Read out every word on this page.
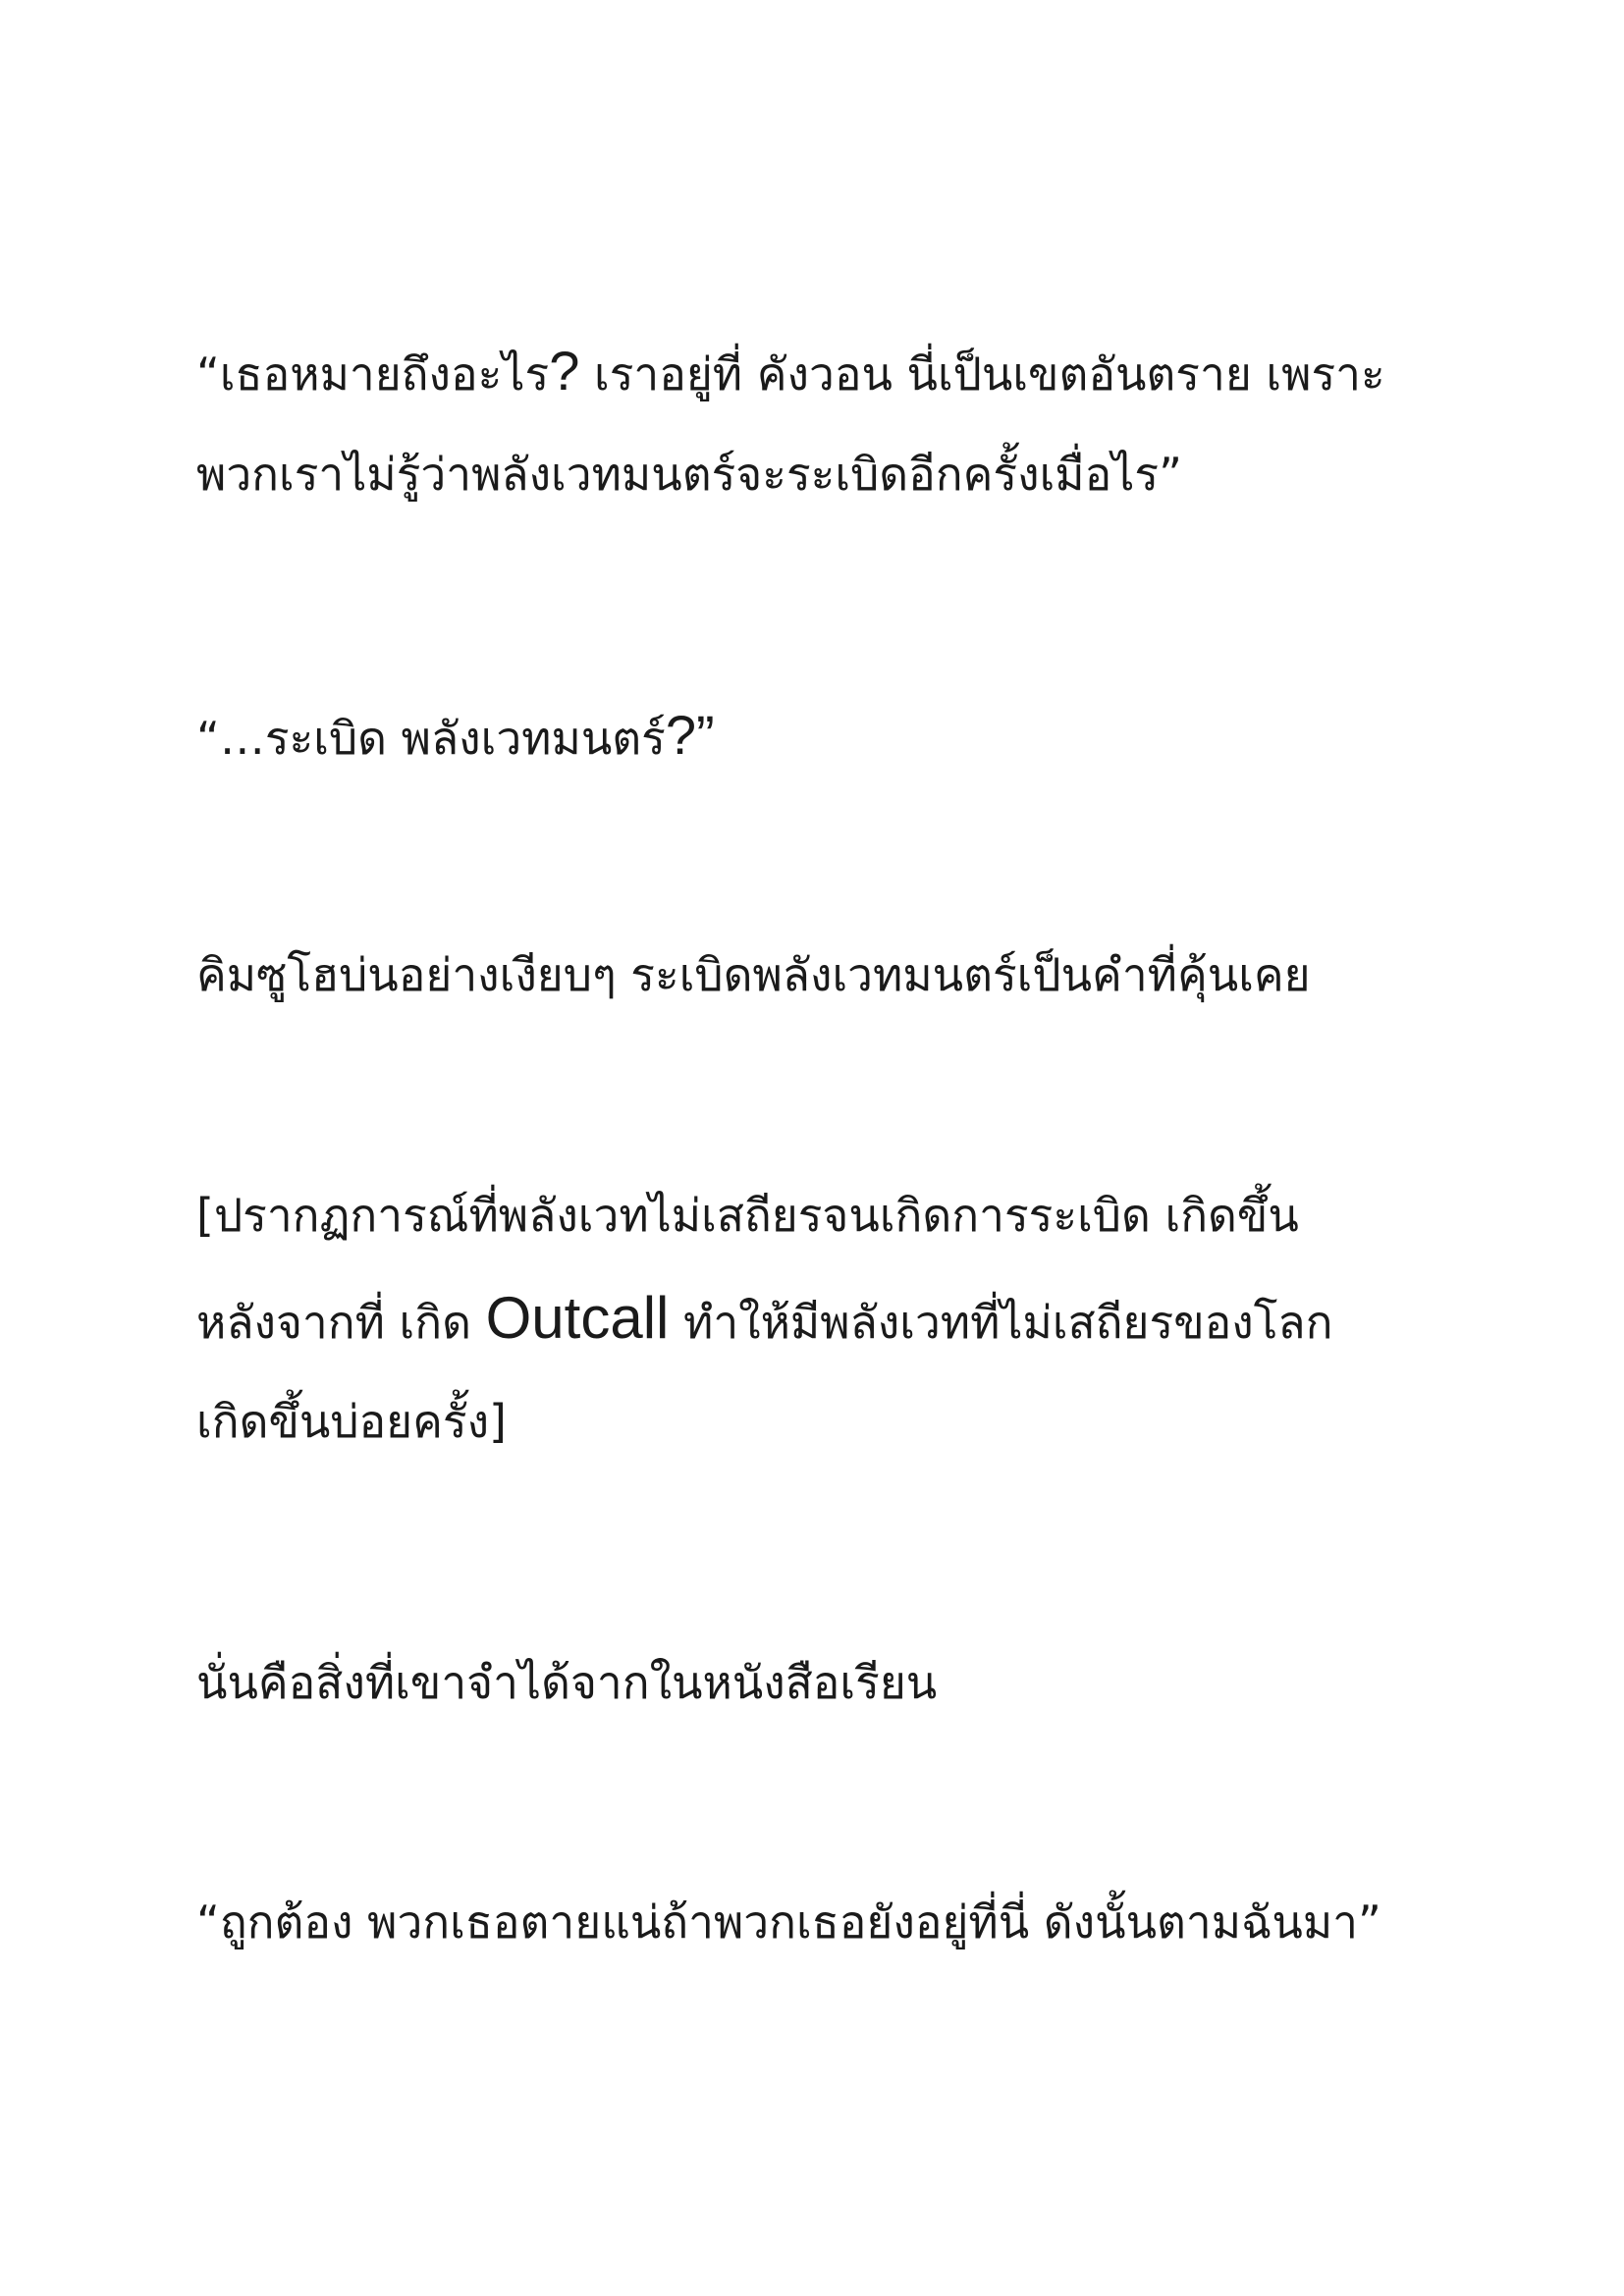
“เธอหมายถึงอะไร? เราอยู่ที่ คังวอน นี่เป็นเขตอันตราย เพราะ
พวกเราไม่รู้ว่าพลังเวทมนตร์จะระเบิดอีกครั้งเมื่อไร”
“…ระเบิด พลังเวทมนตร์?”
คิมซูโฮบ่นอย่างเงียบๆ ระเบิดพลังเวทมนตร์เป็นคำที่คุ้นเคย
[ปรากฏการณ์ที่พลังเวทไม่เสถียรจนเกิดการระเบิด เกิดขึ้น
หลังจากที่ เกิด Outcall ทำให้มีพลังเวทที่ไม่เสถียรของโลก
เกิดขึ้นบ่อยครั้ง]
นั่นคือสิ่งที่เขาจำได้จากในหนังสือเรียน
“ถูกต้อง พวกเธอตายแน่ถ้าพวกเธอยังอยู่ที่นี่ ดังนั้นตามฉันมา”
